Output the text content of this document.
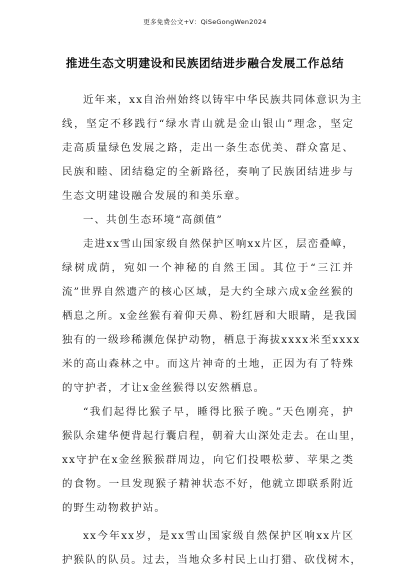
更多免费公文+V：QiSeGongWen2024
推进生态文明建设和民族团结进步融合发展工作总结
近年来，xx自治州始终以铸牢中华民族共同体意识为主
线，坚定不移践行“绿水青山就是金山银山”理念，坚定
走高质量绿色发展之路，走出一条生态优美、群众富足、
民族和睦、团结稳定的全新路径，奏响了民族团结进步与
生态文明建设融合发展的和美乐章。
一、共创生态环境“高颜值”
走进xx雪山国家级自然保护区响xx片区，层峦叠嶂，
绿树成荫，宛如一个神秘的自然王国。其位于“三江并
流”世界自然遗产的核心区域，是大约全球六成x金丝猴的
栖息之所。x金丝猴有着仰天鼻、粉红唇和大眼睛，是我国
独有的一级珍稀濒危保护动物，栖息于海拔xxxx米至xxxx
米的高山森林之中。而这片神奇的土地，正因为有了特殊
的守护者，才让x金丝猴得以安然栖息。
“我们起得比猴子早，睡得比猴子晚。”天色刚亮，护
猴队余建华便背起行囊启程，朝着大山深处走去。在山里，
xx守护在x金丝猴猴群周边，向它们投喂松萝、苹果之类
的食物。一旦发现猴子精神状态不好，他就立即联系附近
的野生动物救护站。
xx今年xx岁，是xx雪山国家级自然保护区响xx片区
护猴队的队员。过去，当地众多村民上山打猎、砍伐树木，
